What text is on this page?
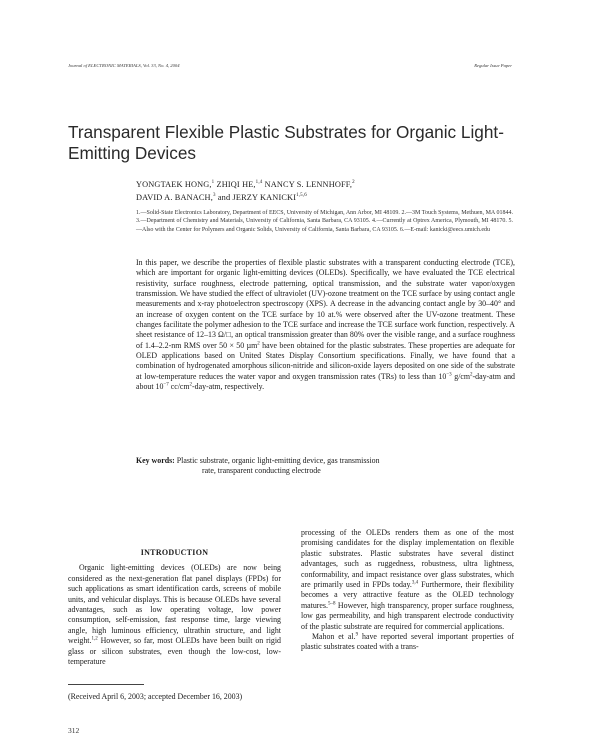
Journal of ELECTRONIC MATERIALS, Vol. 33, No. 4, 2004	Regular Issue Paper
Transparent Flexible Plastic Substrates for Organic Light-Emitting Devices
YONGTAEK HONG,$^1$ ZHIQI HE,$^{1,4}$ NANCY S. LENNHOFF,$^2$
DAVID A. BANACH,$^3$ and JERZY KANICKI$^{1,5,6}$
1.—Solid-State Electronics Laboratory, Department of EECS, University of Michigan, Ann Arbor, MI 48109. 2.—3M Touch Systems, Methuen, MA 01844. 3.—Department of Chemistry and Materials, University of California, Santa Barbara, CA 93105. 4.—Currently at Optrex America, Plymouth, MI 48170. 5.—Also with the Center for Polymers and Organic Solids, University of California, Santa Barbara, CA 93105. 6.—E-mail: kanicki@eecs.umich.edu
In this paper, we describe the properties of flexible plastic substrates with a transparent conducting electrode (TCE), which are important for organic light-emitting devices (OLEDs). Specifically, we have evaluated the TCE electrical resistivity, surface roughness, electrode patterning, optical transmission, and the substrate water vapor/oxygen transmission. We have studied the effect of ultraviolet (UV)-ozone treatment on the TCE surface by using contact angle measurements and x-ray photoelectron spectroscopy (XPS). A decrease in the advancing contact angle by 30–40° and an increase of oxygen content on the TCE surface by 10 at.% were observed after the UV-ozone treatment. These changes facilitate the polymer adhesion to the TCE surface and increase the TCE surface work function, respectively. A sheet resistance of 12–13 Ω/□, an optical transmission greater than 80% over the visible range, and a surface roughness of 1.4–2.2-nm RMS over 50 × 50 µm$^2$ have been obtained for the plastic substrates. These properties are adequate for OLED applications based on United States Display Consortium specifications. Finally, we have found that a combination of hydrogenated amorphous silicon-nitride and silicon-oxide layers deposited on one side of the substrate at low-temperature reduces the water vapor and oxygen transmission rates (TRs) to less than $10^{-3}$ $g/cm^2-day$-atm and about $10^{-7}$ $cc/cm^2-day$-atm, respectively.
Key words: Plastic substrate, organic light-emitting device, gas transmission
rate, transparent conducting electrode
INTRODUCTION

Organic light-emitting devices (OLEDs) are now being considered as the next-generation flat panel displays (FPDs) for such applications as smart identification cards, screens of mobile units, and vehicular displays. This is because OLEDs have several advantages, such as low operating voltage, low power consumption, self-emission, fast response time, large viewing angle, high luminous efficiency, ultrathin structure, and light weight.$^{1,2}$ However, so far, most OLEDs have been built on rigid glass or silicon substrates, even though the low-cost, low-temperature

processing of the OLEDs renders them as one of the most promising candidates for the display implementation on flexible plastic substrates. Plastic substrates have several distinct advantages, such as ruggedness, robustness, ultra lightness, conformability, and impact resistance over glass substrates, which are primarily used in FPDs today.$^{3,4}$ Furthermore, their flexibility becomes a very attractive feature as the OLED technology matures.$^{5-8}$ However, high transparency, proper surface roughness, low gas permeability, and high transparent electrode conductivity of the plastic substrate are required for commercial applications.

Mahon et al.$^9$ have reported several important properties of plastic substrates coated with a trans-

(Received April 6, 2003; accepted December 16, 2003)
312
